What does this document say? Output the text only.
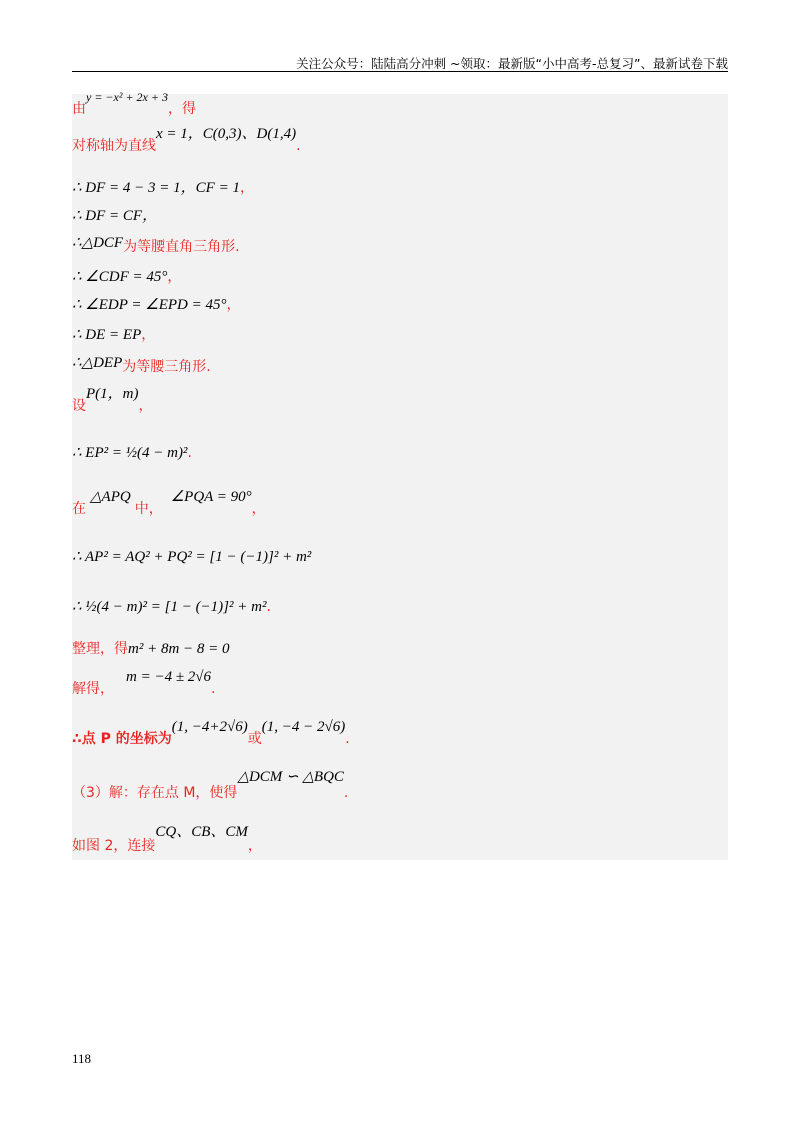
关注公众号：陆陆高分冲刺 ~领取：最新版“小中高考-总复习”、最新试卷下载
由$^{y = -x^2 + 2x + 3}$，得
对称轴为直线x = 1，C(0,3)、D(1,4).
∴ DF = 4 − 3 = 1，CF = 1，
∴ DF = CF，
∴△DCF为等腰直角三角形.
∴ ∠CDF = 45°，
∴ ∠EDP = ∠EPD = 45°，
∴ DE = EP，
∴△DEP为等腰三角形.
设P(1，m)，
∴ EP² = ½(4 − m)².
在△APQ中，∠PQA = 90°，
∴ AP² = AQ² + PQ² = [1 − (−1)]² + m²
∴ ½(4 − m)² = [1 − (−1)]² + m².
整理，得m² + 8m − 8 = 0
解得，m = −4 ± 2√6.
∴点 P 的坐标为(1, −4+2√6)或(1, −4 − 2√6).
（3）解：存在点 M，使得△DCM ∽ △BQC.
如图 2，连接CQ、CB、CM，
118
